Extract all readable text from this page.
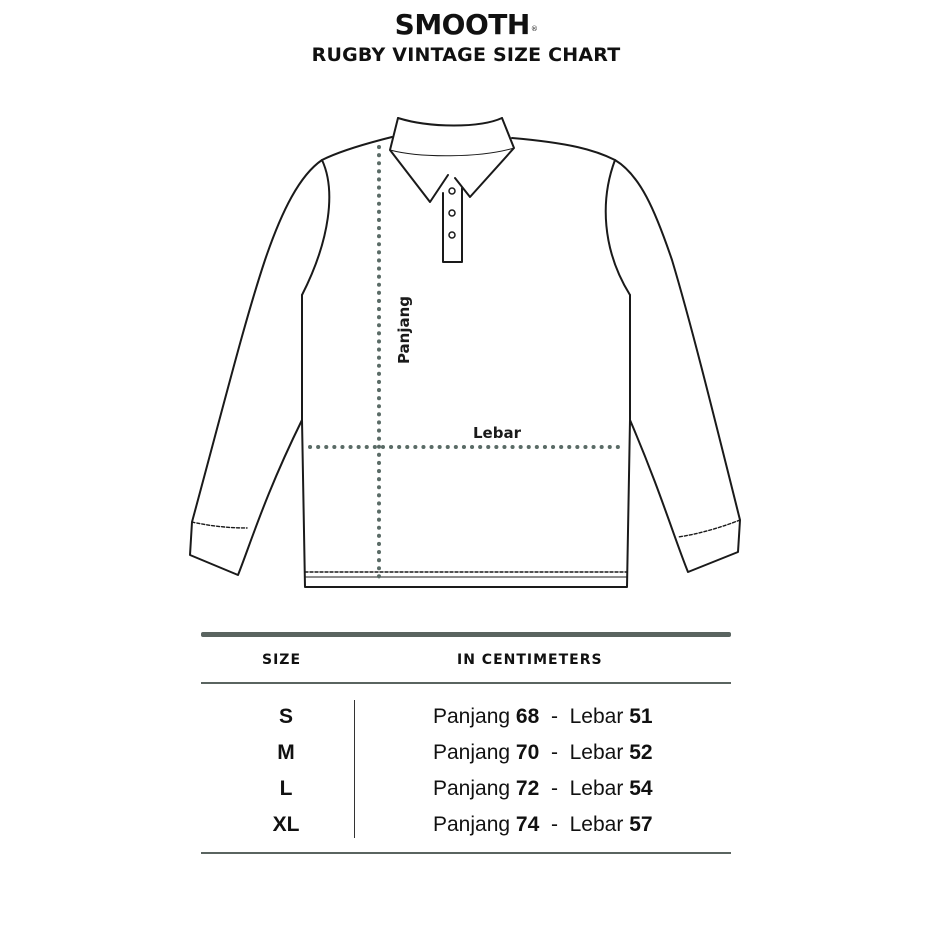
SMOOTH®
RUGBY VINTAGE SIZE CHART
Panjang
Lebar
SIZE	IN CENTIMETERS
S	Panjang 68  -  Lebar 51
M	Panjang 70  -  Lebar 52
L	Panjang 72  -  Lebar 54
XL	Panjang 74  -  Lebar 57
